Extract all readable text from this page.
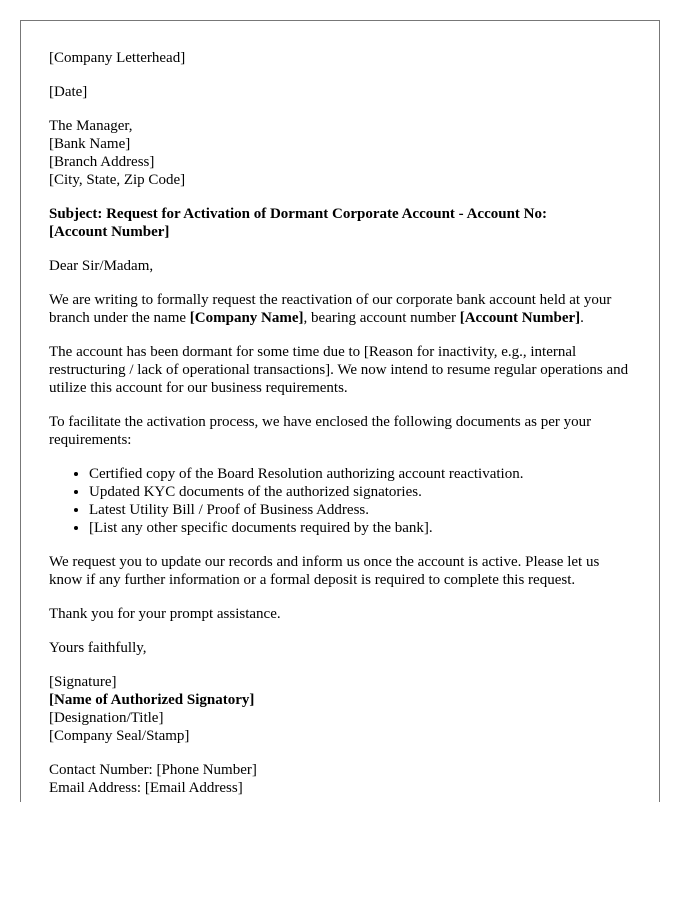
[Company Letterhead]
[Date]
The Manager,
[Bank Name]
[Branch Address]
[City, State, Zip Code]
Subject: Request for Activation of Dormant Corporate Account - Account No:
[Account Number]
Dear Sir/Madam,
We are writing to formally request the reactivation of our corporate bank account held at your branch under the name [Company Name], bearing account number [Account Number].
The account has been dormant for some time due to [Reason for inactivity, e.g., internal restructuring / lack of operational transactions]. We now intend to resume regular operations and utilize this account for our business requirements.
To facilitate the activation process, we have enclosed the following documents as per your requirements:
• Certified copy of the Board Resolution authorizing account reactivation.
• Updated KYC documents of the authorized signatories.
• Latest Utility Bill / Proof of Business Address.
• [List any other specific documents required by the bank].
We request you to update our records and inform us once the account is active. Please let us know if any further information or a formal deposit is required to complete this request.
Thank you for your prompt assistance.
Yours faithfully,
[Signature]
[Name of Authorized Signatory]
[Designation/Title]
[Company Seal/Stamp]
Contact Number: [Phone Number]
Email Address: [Email Address]
